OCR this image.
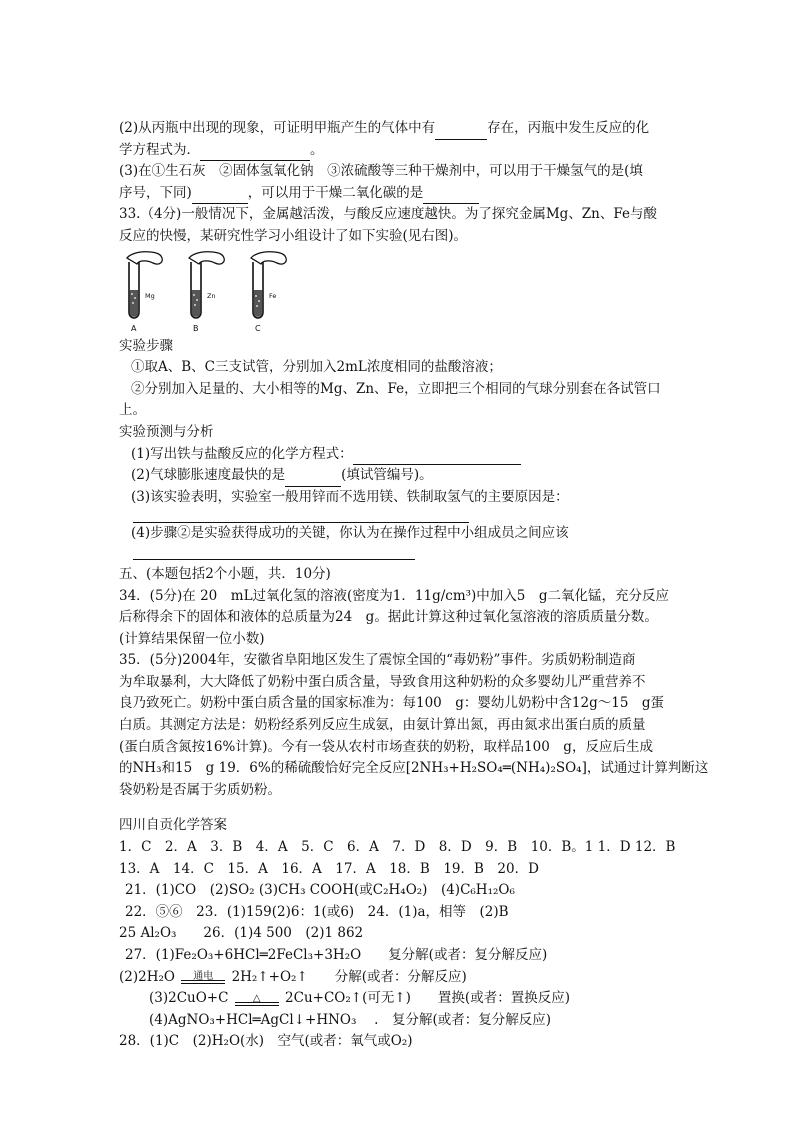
(2)从丙瓶中出现的现象，可证明甲瓶产生的气体中有	存在，丙瓶中发生反应的化
学方程式为．	。
(3)在①生石灰　②固体氢氧化钠　③浓硫酸等三种干燥剂中，可以用于干燥氢气的是(填
序号，下同)	，可以用于干燥二氧化碳的是
33.（4分)一般情况下，金属越活泼，与酸反应速度越快。为了探究金属Mg、Zn、Fe与酸
反应的快慢，某研究性学习小组设计了如下实验(见右图)。
Mg
A
Zn
B
Fe
C
实验步骤
①取A、B、C三支试管，分别加入2mL浓度相同的盐酸溶液；
②分别加入足量的、大小相等的Mg、Zn、Fe，立即把三个相同的气球分别套在各试管口
上。
实验预测与分析
(1)写出铁与盐酸反应的化学方程式：
(2)气球膨胀速度最快的是	(填试管编号)。
(3)该实验表明，实验室一般用锌而不选用镁、铁制取氢气的主要原因是：
(4)步骤②是实验获得成功的关键，你认为在操作过程中小组成员之间应该
五、(本题包括2个小题，共．10分)
34．(5分)在 20　mL过氧化氢的溶液(密度为1．11g/cm³)中加入5　g二氧化锰，充分反应
后称得余下的固体和液体的总质量为24　g。据此计算这种过氧化氢溶液的溶质质量分数。
(计算结果保留一位小数)
35．(5分)2004年，安徽省阜阳地区发生了震惊全国的“毒奶粉”事件。劣质奶粉制造商
为牟取暴利，大大降低了奶粉中蛋白质含量，导致食用这种奶粉的众多婴幼儿严重营养不
良乃致死亡。奶粉中蛋白质含量的国家标准为：每100　g：婴幼儿奶粉中含12g～15　g蛋
白质。其测定方法是：奶粉经系列反应生成氨，由氨计算出氮，再由氮求出蛋白质的质量
(蛋白质含氮按16%计算)。今有一袋从农村市场查获的奶粉，取样品100　g，反应后生成
的NH₃和15　g 19．6%的稀硫酸恰好完全反应[2NH₃+H₂SO₄═(NH₄)₂SO₄]，试通过计算判断这
袋奶粉是否属于劣质奶粉。
四川自贡化学答案
1．C　2．A　3．B　4．A　5．C　6．A　7．D　8．D　9．B　10．B。1 1．D 12．B
13．A　14．C　15．A　16．A　17．A　18．B　19．B　20．D
21．(1)CO　(2)SO₂ (3)CH₃ COOH(或C₂H₄O₂)　(4)C₆H₁₂O₆
22．⑤⑥　23．(1)159(2)6：1(或6)　24．(1)a，相等　(2)B
25 Al₂O₃　　26．(1)4 500　(2)1 862
27．(1)Fe₂O₃+6HCl═2FeCl₃+3H₂O　　复分解(或者：复分解反应)
(2)2H₂O	通电	2H₂↑+O₂↑　　分解(或者：分解反应)
(3)2CuO+C	△	2Cu+CO₂↑(可无↑)　　置换(或者：置换反应)
(4)AgNO₃+HCl═AgCl↓+HNO₃　 .　复分解(或者：复分解反应)
28．(1)C　(2)H₂O(水)　空气(或者：氧气或O₂)
